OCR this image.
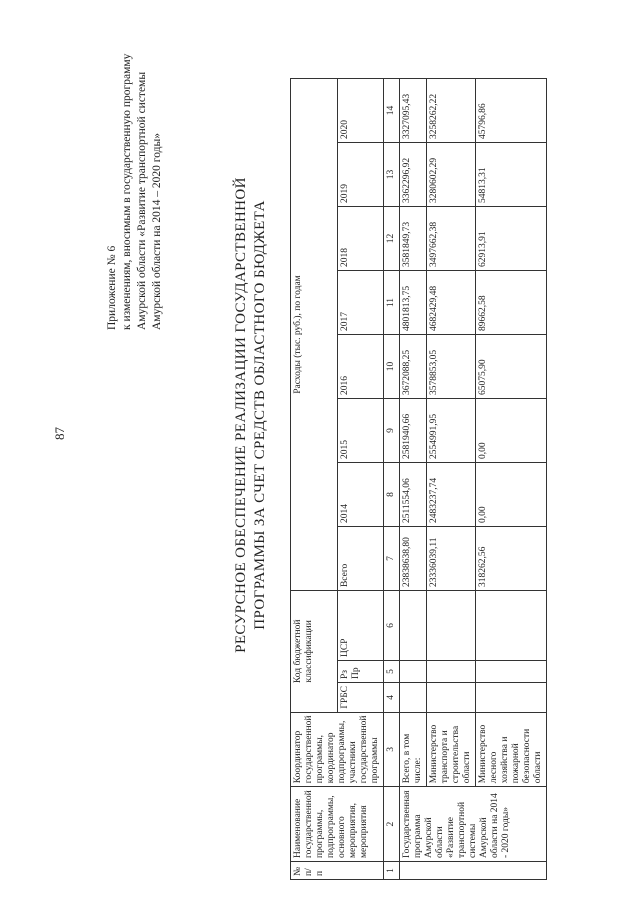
87
Приложение № 6 к изменениям, вносимым в государственную программу Амурской области «Развитие транспортной системы Амурской области на 2014 – 2020 годы»	РЕСУРСНОЕ ОБЕСПЕЧЕНИЕ РЕАЛИЗАЦИИ ГОСУДАРСТВЕННОЙ ПРОГРАММЫ ЗА СЧЕТ СРЕДСТВ ОБЛАСТНОГО БЮДЖЕТА
№ п/п	Наименование государственной программы, подпрограммы, основного мероприятия, мероприятия	Координатор государственной программы, координатор подпрограммы, участники государственной программы	Код бюджетной классификации			Расходы (тыс. руб.), по годам							
			ГРБС	Рз Пр	ЦСР	Всего	2014	2015	2016	2017	2018	2019	2020
1	2	3	4	5	6	7	8	9	10	11	12	13	14
	Государственная программа Амурской области «Развитие транспортной системы Амурской области на 2014 - 2020 годы»	Всего, в том числе:				23838638,80	2511554,06	2581940,66	3672088,25	4801813,75	3581849,73	3362296,92	3327095,43
		Министерство транспорта и строительства области				23336039,11	2483237,74	2554991,95	3578853,05	4682429,48	3497662,38	3280602,29	3258262,22
		Министерство лесного хозяйства и пожарной безопасности области				318262,56	0,00	0,00	65075,90	89662,58	62913,91	54813,31	45796,86
